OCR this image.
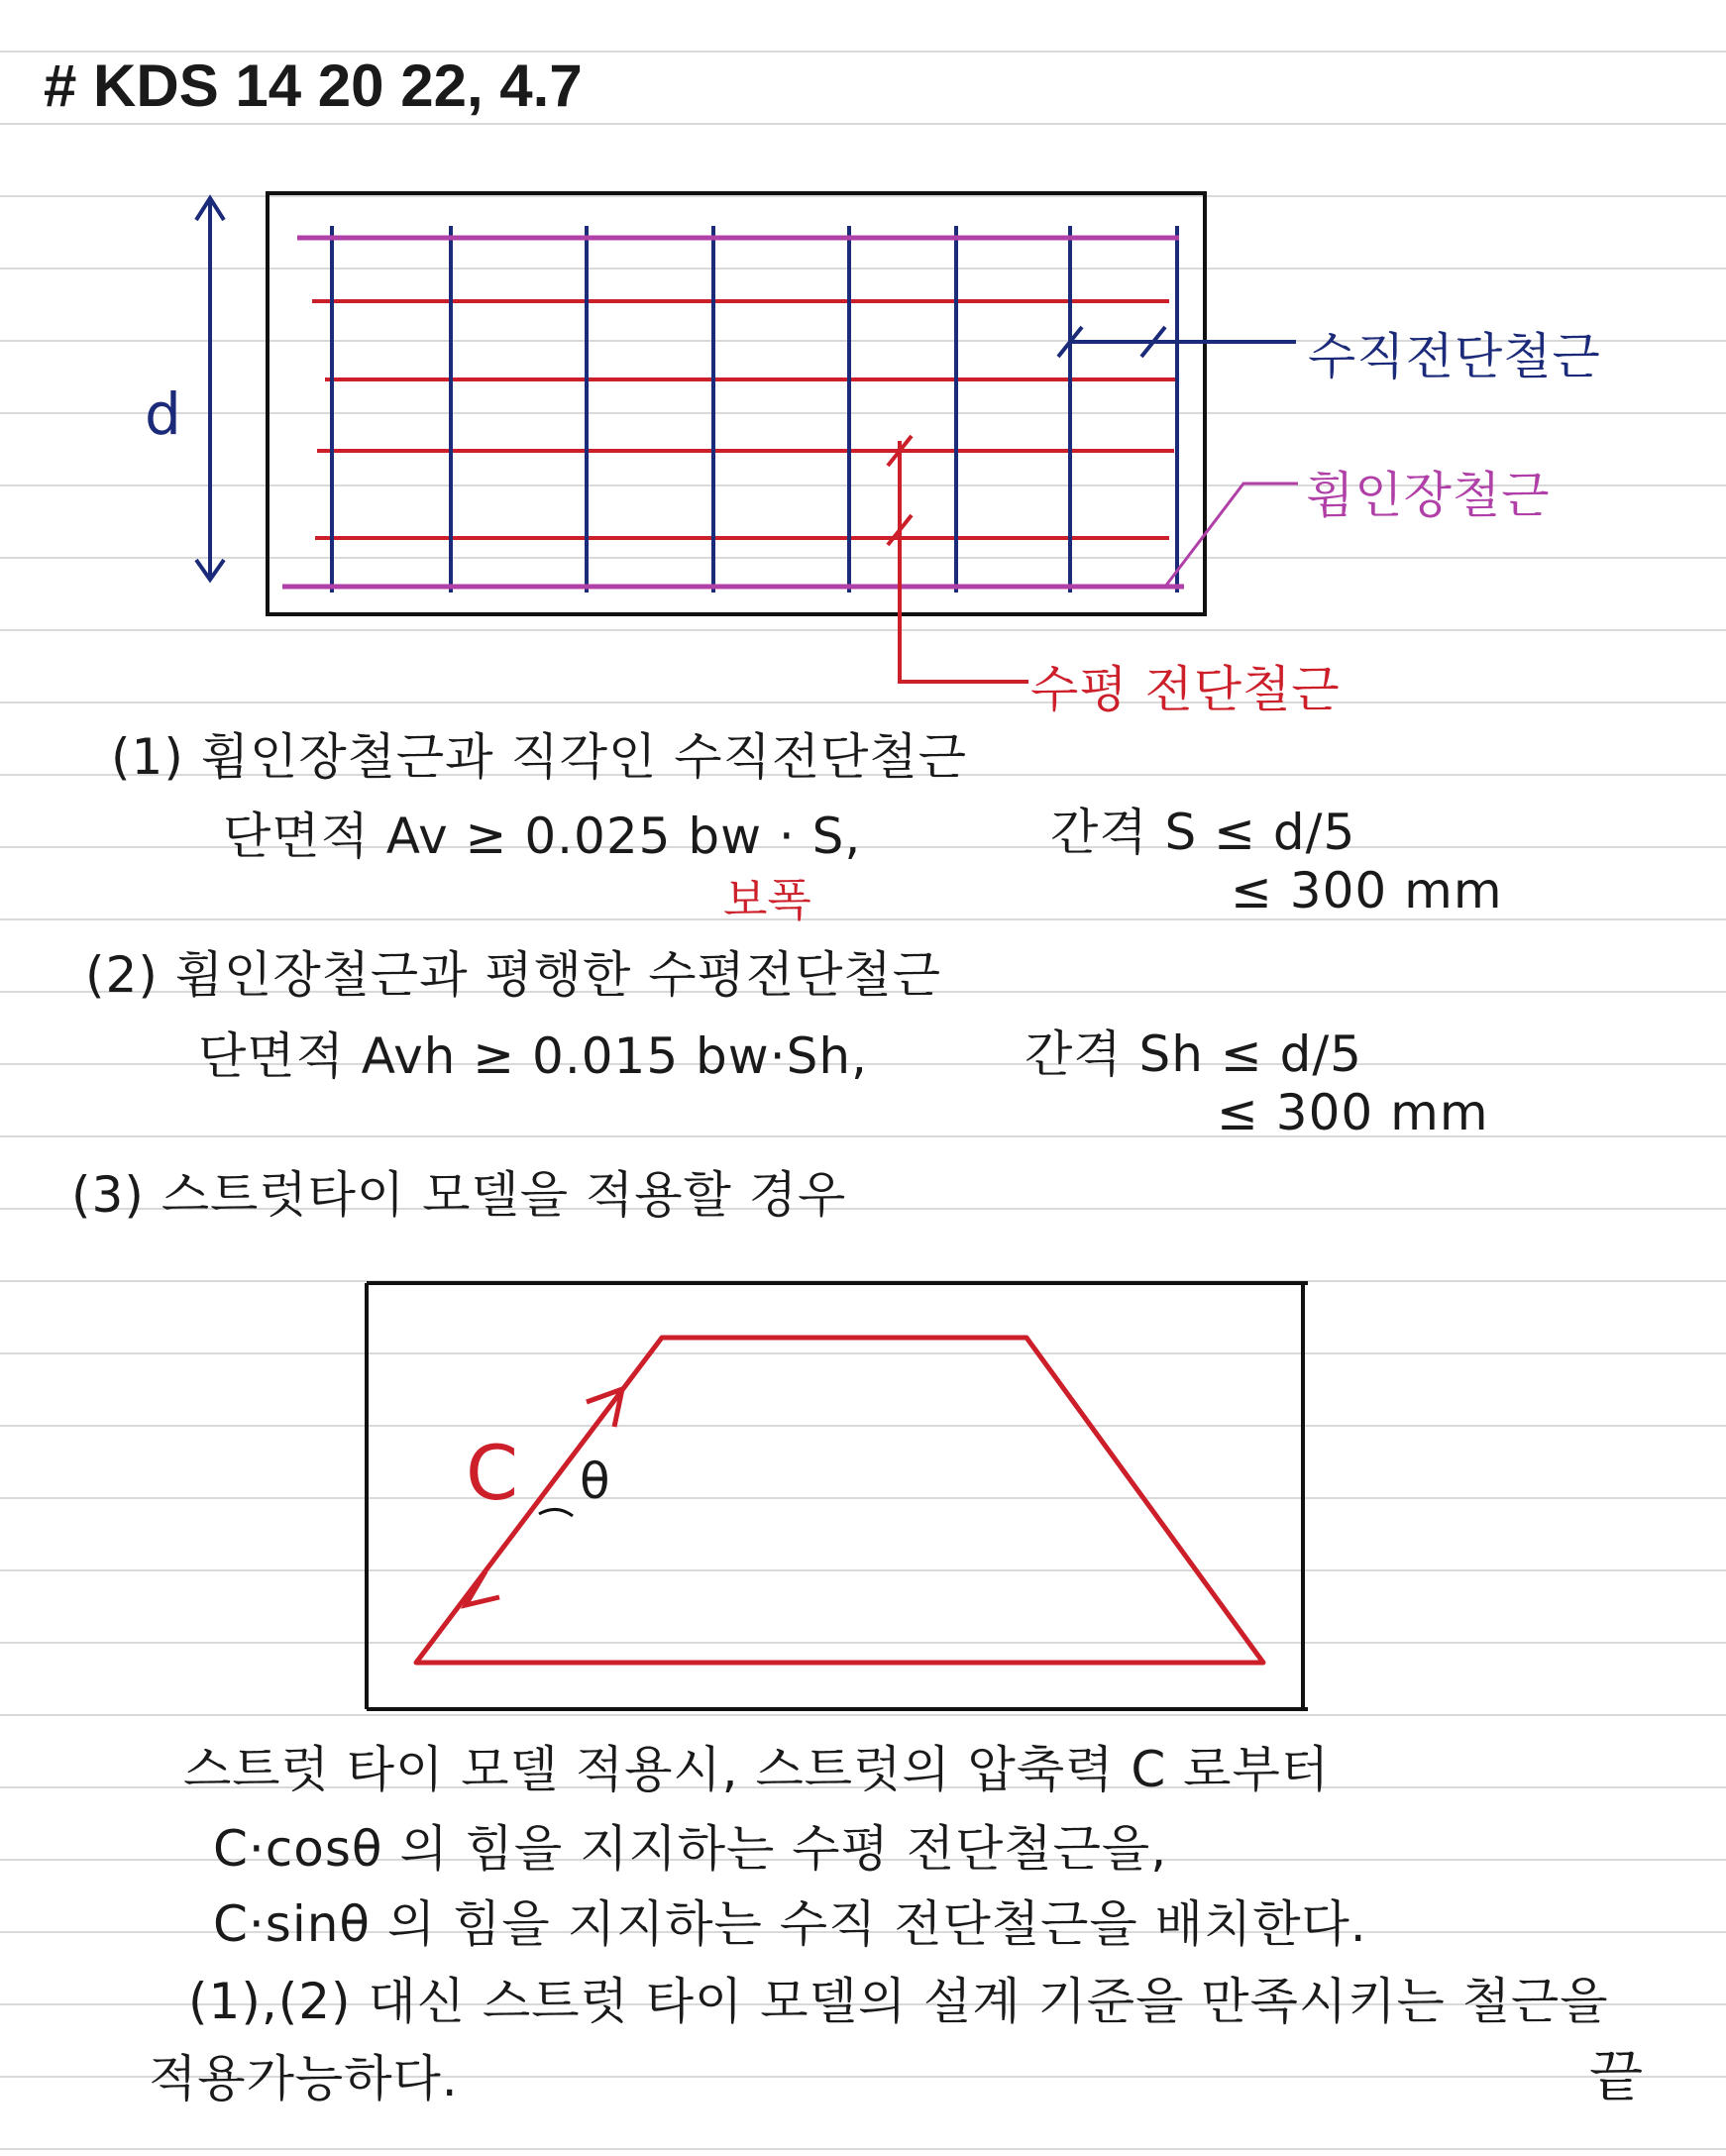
# KDS 14 20 22, 4.7
d
수직전단철근
휨인장철근
수평 전단철근
(1) 휨인장철근과 직각인 수직전단철근
단면적 Av ≥ 0.025 bw · S,
보폭
간격 S ≤ d/5
≤ 300 mm
(2) 휨인장철근과 평행한 수평전단철근
단면적 Avh ≥ 0.015 bw·Sh,	간격 Sh ≤ d/5
≤ 300 mm
(3) 스트럿타이 모델을 적용할 경우
C θ
스트럿 타이 모델 적용시, 스트럿의 압축력 C 로부터
C·cosθ 의 힘을 지지하는 수평 전단철근을,
C·sinθ 의 힘을 지지하는 수직 전단철근을 배치한다.
(1),(2) 대신 스트럿 타이 모델의 설계 기준을 만족시키는 철근을
적용가능하다.	끝
